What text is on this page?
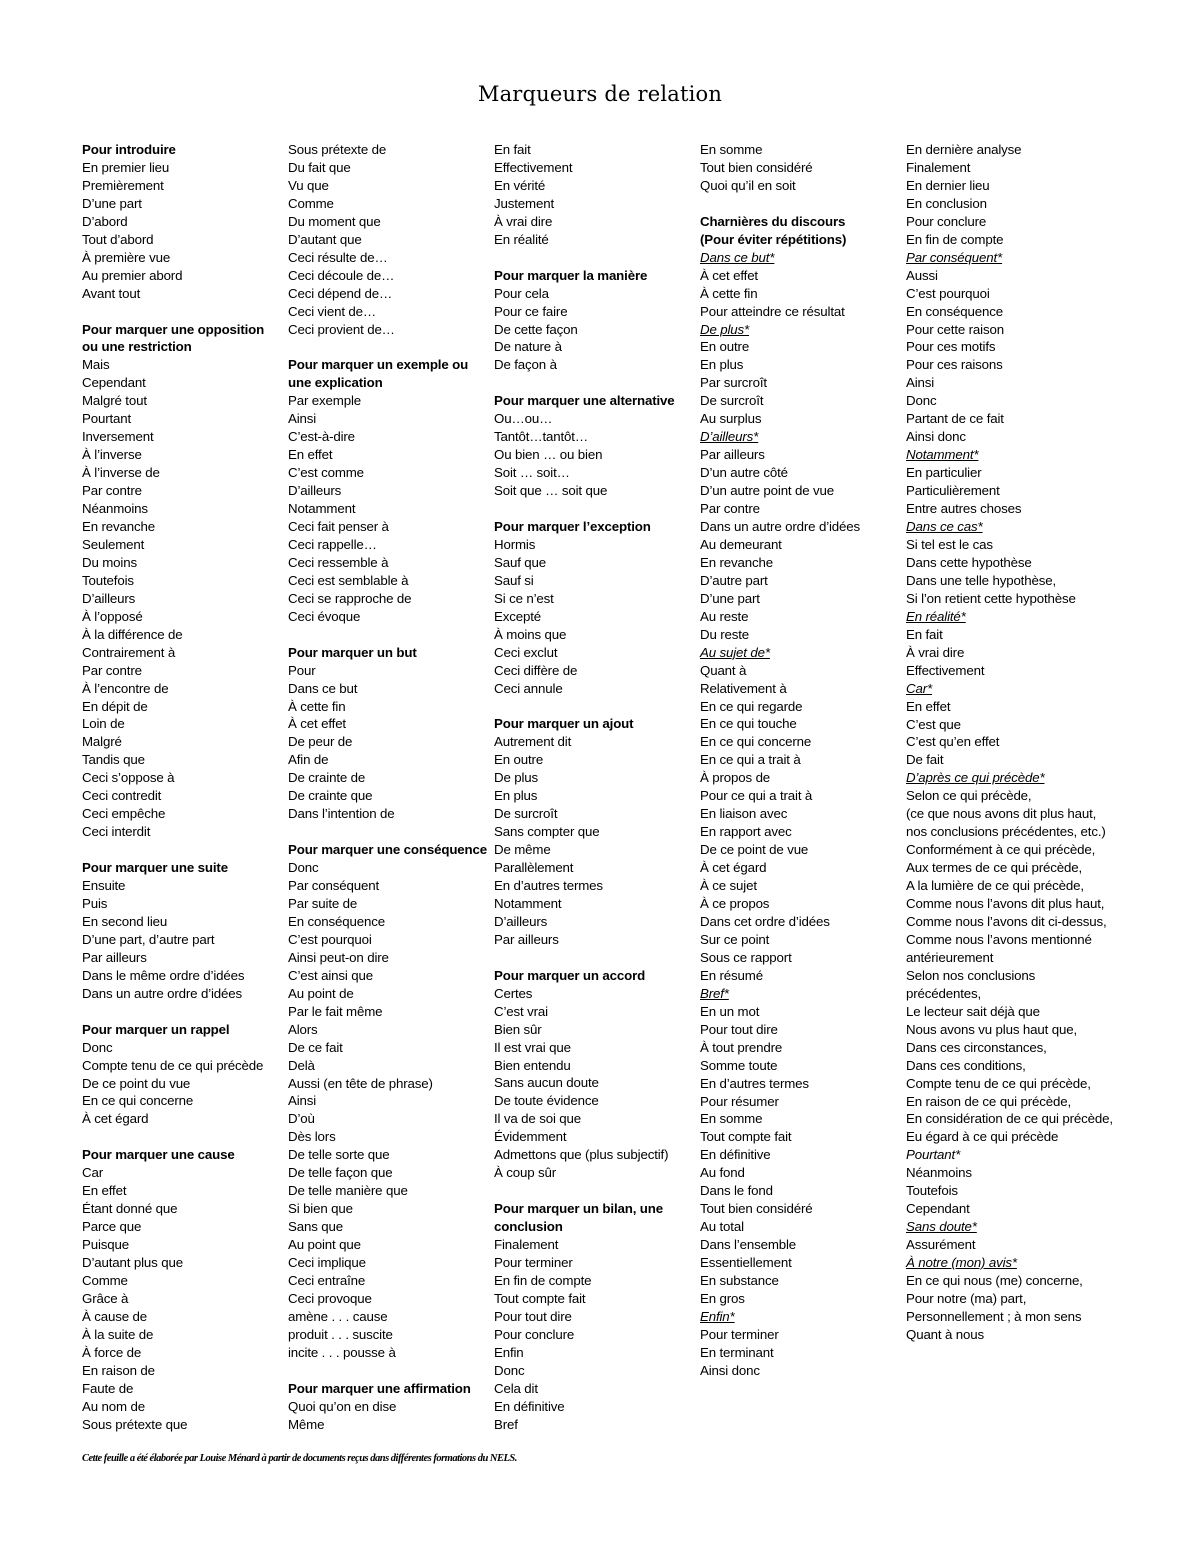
Marqueurs de relation
Pour introduire
En premier lieu
Premièrement
D’une part
D’abord
Tout d’abord
À première vue
Au premier abord
Avant tout
Pour marquer une opposition
ou une restriction
Mais
Cependant
Malgré tout
Pourtant
Inversement
À l’inverse
À l’inverse de
Par contre
Néanmoins
En revanche
Seulement
Du moins
Toutefois
D’ailleurs
À l’opposé
À la différence de
Contrairement à
Par contre
À l’encontre de
En dépit de
Loin de
Malgré
Tandis que
Ceci s’oppose à
Ceci contredit
Ceci empêche
Ceci interdit
Pour marquer une suite
Ensuite
Puis
En second lieu
D’une part, d’autre part
Par ailleurs
Dans le même ordre d’idées
Dans un autre ordre d’idées
Pour marquer un rappel
Donc
Compte tenu de ce qui précède
De ce point du vue
En ce qui concerne
À cet égard
Pour marquer une cause
Car
En effet
Étant donné que
Parce que
Puisque
D’autant plus que
Comme
Grâce à
À cause de
À la suite de
À force de
En raison de
Faute de
Au nom de
Sous prétexte que
Sous prétexte de
Du fait que
Vu que
Comme
Du moment que
D’autant que
Ceci résulte de…
Ceci découle de…
Ceci dépend de…
Ceci vient de…
Ceci provient de…
Pour marquer un exemple ou
une explication
Par exemple
Ainsi
C’est-à-dire
En effet
C’est comme
D’ailleurs
Notamment
Ceci fait penser à
Ceci rappelle…
Ceci ressemble à
Ceci est semblable à
Ceci se rapproche de
Ceci évoque
Pour marquer un but
Pour
Dans ce but
À cette fin
À cet effet
De peur de
Afin de
De crainte de
De crainte que
Dans l’intention de
Pour marquer une conséquence
Donc
Par conséquent
Par suite de
En conséquence
C’est pourquoi
Ainsi peut-on dire
C’est ainsi que
Au point de
Par le fait même
Alors
De ce fait
Delà
Aussi (en tête de phrase)
Ainsi
D’où
Dès lors
De telle sorte que
De telle façon que
De telle manière que
Si bien que
Sans que
Au point que
Ceci implique
Ceci entraîne
Ceci provoque
amène . . . cause
produit . . . suscite
incite . . . pousse à
Pour marquer une affirmation
Quoi qu’on en dise
Même
En fait
Effectivement
En vérité
Justement
À vrai dire
En réalité
Pour marquer la manière
Pour cela
Pour ce faire
De cette façon
De nature à
De façon à
Pour marquer une alternative
Ou…ou…
Tantôt…tantôt…
Ou bien … ou bien
Soit … soit…
Soit que … soit que
Pour marquer l’exception
Hormis
Sauf que
Sauf si
Si ce n’est
Excepté
À moins que
Ceci exclut
Ceci diffère de
Ceci annule
Pour marquer un ajout
Autrement dit
En outre
De plus
En plus
De surcroît
Sans compter que
De même
Parallèlement
En d’autres termes
Notamment
D’ailleurs
Par ailleurs
Pour marquer un accord
Certes
C’est vrai
Bien sûr
Il est vrai que
Bien entendu
Sans aucun doute
De toute évidence
Il va de soi que
Évidemment
Admettons que (plus subjectif)
À coup sûr
Pour marquer un bilan, une
conclusion
Finalement
Pour terminer
En fin de compte
Tout compte fait
Pour tout dire
Pour conclure
Enfin
Donc
Cela dit
En définitive
Bref
En somme
Tout bien considéré
Quoi qu’il en soit
Charnières du discours
(Pour éviter répétitions)
Dans ce but*
À cet effet
À cette fin
Pour atteindre ce résultat
De plus*
En outre
En plus
Par surcroît
De surcroît
Au surplus
D’ailleurs*
Par ailleurs
D’un autre côté
D’un autre point de vue
Par contre
Dans un autre ordre d’idées
Au demeurant
En revanche
D’autre part
D’une part
Au reste
Du reste
Au sujet de*
Quant à
Relativement à
En ce qui regarde
En ce qui touche
En ce qui concerne
En ce qui a trait à
À propos de
Pour ce qui a trait à
En liaison avec
En rapport avec
De ce point de vue
À cet égard
À ce sujet
À ce propos
Dans cet ordre d’idées
Sur ce point
Sous ce rapport
En résumé
Bref*
En un mot
Pour tout dire
À tout prendre
Somme toute
En d’autres termes
Pour résumer
En somme
Tout compte fait
En définitive
Au fond
Dans le fond
Tout bien considéré
Au total
Dans l’ensemble
Essentiellement
En substance
En gros
Enfin*
Pour terminer
En terminant
Ainsi donc
En dernière analyse
Finalement
En dernier lieu
En conclusion
Pour conclure
En fin de compte
Par conséquent*
Aussi
C’est pourquoi
En conséquence
Pour cette raison
Pour ces motifs
Pour ces raisons
Ainsi
Donc
Partant de ce fait
Ainsi donc
Notamment*
En particulier
Particulièrement
Entre autres choses
Dans ce cas*
Si tel est le cas
Dans cette hypothèse
Dans une telle hypothèse,
Si l’on retient cette hypothèse
En réalité*
En fait
À vrai dire
Effectivement
Car*
En effet
C’est que
C’est qu’en effet
De fait
D’après ce qui précède*
Selon ce qui précède,
(ce que nous avons dit plus haut,
nos conclusions précédentes, etc.)
Conformément à ce qui précède,
Aux termes de ce qui précède,
A la lumière de ce qui précède,
Comme nous l’avons dit plus haut,
Comme nous l’avons dit ci-dessus,
Comme nous l’avons mentionné
antérieurement
Selon nos conclusions
précédentes,
Le lecteur sait déjà que
Nous avons vu plus haut que,
Dans ces circonstances,
Dans ces conditions,
Compte tenu de ce qui précède,
En raison de ce qui précède,
En considération de ce qui précède,
Eu égard à ce qui précède
Pourtant*
Néanmoins
Toutefois
Cependant
Sans doute*
Assurément
À notre (mon) avis*
En ce qui nous (me) concerne,
Pour notre (ma) part,
Personnellement ; à mon sens
Quant à nous
Cette feuille a été élaborée par Louise Ménard à partir de documents reçus dans différentes formations du NELS.
